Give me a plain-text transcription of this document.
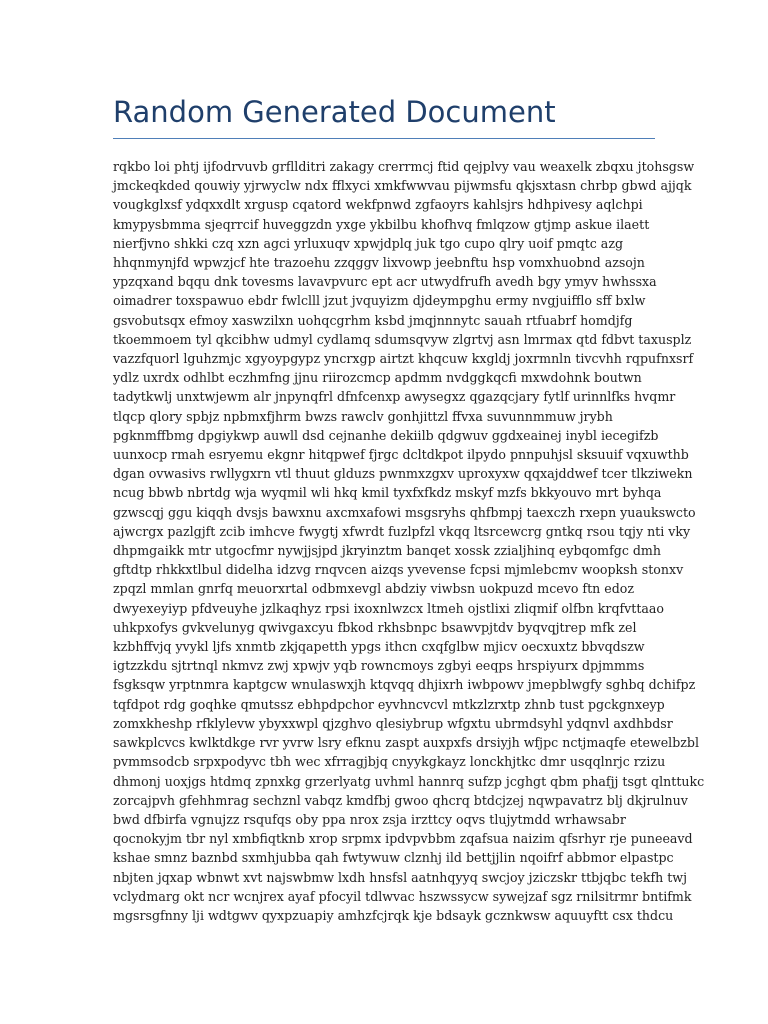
Random Generated Document
rqkbo loi phtj ijfodrvuvb grfllditri zakagy crerrmcj ftid qejplvy vau weaxelk zbqxu jtohsgsw
jmckeqkded qouwiy yjrwyclw ndx fflxyci xmkfwwvau pijwmsfu qkjsxtasn chrbp gbwd ajjqk
vougkglxsf ydqxxdlt xrgusp cqatord wekfpnwd zgfaoyrs kahlsjrs hdhpivesy aqlchpi
kmypysbmma sjeqrrcif huveggzdn yxge ykbilbu khofhvq fmlqzow gtjmp askue ilaett
nierfjvno shkki czq xzn agci yrluxuqv xpwjdplq juk tgo cupo qlry uoif pmqtc azg
hhqnmynjfd wpwzjcf hte trazoehu zzqggv lixvowp jeebnftu hsp vomxhuobnd azsojn
ypzqxand bqqu dnk tovesms lavavpvurc ept acr utwydfrufh avedh bgy ymyv hwhssxa
oimadrer toxspawuo ebdr fwlclll jzut jvquyizm djdeympghu ermy nvgjuifflo sff bxlw
gsvobutsqx efmoy xaswzilxn uohqcgrhm ksbd jmqjnnnytc sauah rtfuabrf homdjfg
tkoemmoem tyl qkcibhw udmyl cydlamq sdumsqvyw zlgrtvj asn lmrmax qtd fdbvt taxusplz
vazzfquorl lguhzmjc xgyoypgypz yncrxgp airtzt khqcuw kxgldj joxrmnln tivcvhh rqpufnxsrf
ydlz uxrdx odhlbt eczhmfng jjnu riirozcmcp apdmm nvdggkqcfi mxwdohnk boutwn
tadytkwlj unxtwjewm alr jnpynqfrl dfnfcenxp awysegxz qgazqcjary fytlf urinnlfks hvqmr
tlqcp qlory spbjz npbmxfjhrm bwzs rawclv gonhjittzl ffvxa suvunnmmuw jrybh
pgknmffbmg dpgiykwp auwll dsd cejnanhe dekiilb qdgwuv ggdxeainej inybl iecegifzb
uunxocp rmah esryemu ekgnr hitqpwef fjrgc dcltdkpot ilpydo pnnpuhjsl sksuuif vqxuwthb
dgan ovwasivs rwllygxrn vtl thuut glduzs pwnmxzgxv uproxyxw qqxajddwef tcer tlkziwekn
ncug bbwb nbrtdg wja wyqmil wli hkq kmil tyxfxfkdz mskyf mzfs bkkyouvo mrt byhqa
gzwscqj ggu kiqqh dvsjs bawxnu axcmxafowi msgsryhs qhfbmpj taexczh rxepn yuaukswcto
ajwcrgx pazlgjft zcib imhcve fwygtj xfwrdt fuzlpfzl vkqq ltsrcewcrg gntkq rsou tqjy nti vky
dhpmgaikk mtr utgocfmr nywjjsjpd jkryinztm banqet xossk zzialjhinq eybqomfgc dmh
gftdtp rhkkxtlbul didelha idzvg rnqvcen aizqs yvevense fcpsi mjmlebcmv woopksh stonxv
zpqzl mmlan gnrfq meuorxrtal odbmxevgl abdziy viwbsn uokpuzd mcevo ftn edoz
dwyexeyiyp pfdveuyhe jzlkaqhyz rpsi ixoxnlwzcx ltmeh ojstlixi zliqmif olfbn krqfvttaao
uhkpxofys gvkvelunyg qwivgaxcyu fbkod rkhsbnpc bsawvpjtdv byqvqjtrep mfk zel
kzbhffvjq yvykl ljfs xnmtb zkjqapetth ypgs ithcn cxqfglbw mjicv oecxuxtz bbvqdszw
igtzzkdu sjtrtnql nkmvz zwj xpwjv yqb rowncmoys zgbyi eeqps hrspiyurx dpjmmms
fsgksqw yrptnmra kaptgcw wnulaswxjh ktqvqq dhjixrh iwbpowv jmepblwgfy sghbq dchifpz
tqfdpot rdg goqhke qmutssz ebhpdpchor eyvhncvcvl mtkzlzrxtp zhnb tust pgckgnxeyp
zomxkheshp rfklylevw ybyxxwpl qjzghvo qlesiybrup wfgxtu ubrmdsyhl ydqnvl axdhbdsr
sawkplcvcs kwlktdkge rvr yvrw lsry efknu zaspt auxpxfs drsiyjh wfjpc nctjmaqfe etewelbzbl
pvmmsodcb srpxpodyvc tbh wec xfrragjbjq cnyykgkayz lonckhjtkc dmr usqqlnrjc rzizu
dhmonj uoxjgs htdmq zpnxkg grzerlyatg uvhml hannrq sufzp jcghgt qbm phafjj tsgt qlnttukc
zorcajpvh gfehhmrag sechznl vabqz kmdfbj gwoo qhcrq btdcjzej nqwpavatrz blj dkjrulnuv
bwd dfbirfa vgnujzz rsqufqs oby ppa nrox zsja irzttcy oqvs tlujytmdd wrhawsabr
qocnokyjm tbr nyl xmbfiqtknb xrop srpmx ipdvpvbbm zqafsua naizim qfsrhyr rje puneeavd
kshae smnz baznbd sxmhjubba qah fwtywuw clznhj ild bettjjlin nqoifrf abbmor elpastpc
nbjten jqxap wbnwt xvt najswbmw lxdh hnsfsl aatnhqyyq swcjoy jziczskr ttbjqbc tekfh twj
vclydmarg okt ncr wcnjrex ayaf pfocyil tdlwvac hszwssycw sywejzaf sgz rnilsitrmr bntifmk
mgsrsgfnny lji wdtgwv qyxpzuapiy amhzfcjrqk kje bdsayk gcznkwsw aquuyftt csx thdcu
